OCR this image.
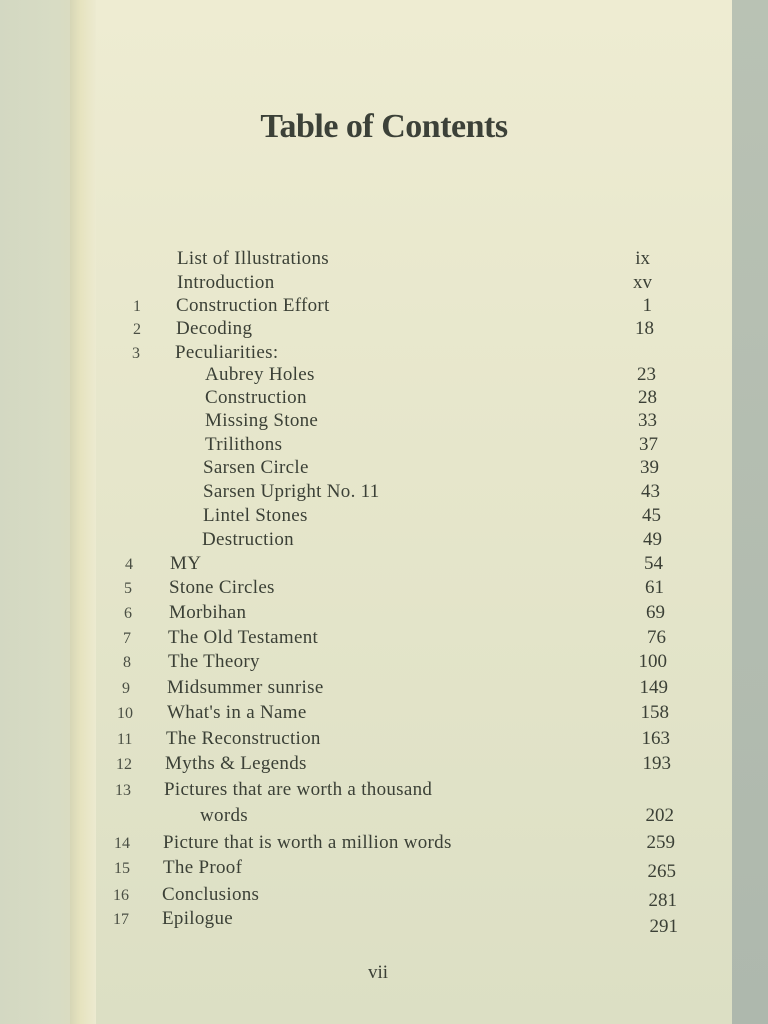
Table of Contents
List of Illustrations	ix
Introduction	xv
1 Construction Effort	1
2 Decoding	18
3 Peculiarities:
Aubrey Holes	23
Construction	28
Missing Stone	33
Trilithons	37
Sarsen Circle	39
Sarsen Upright No. 11	43
Lintel Stones	45
Destruction	49
4 MY	54
5 Stone Circles	61
6 Morbihan	69
7 The Old Testament	76
8 The Theory	100
9 Midsummer sunrise	149
10 What's in a Name	158
11 The Reconstruction	163
12 Myths & Legends	193
13 Pictures that are worth a thousand
words	202
14 Picture that is worth a million words	259
15 The Proof	265
16 Conclusions	281
17 Epilogue	291
vii
